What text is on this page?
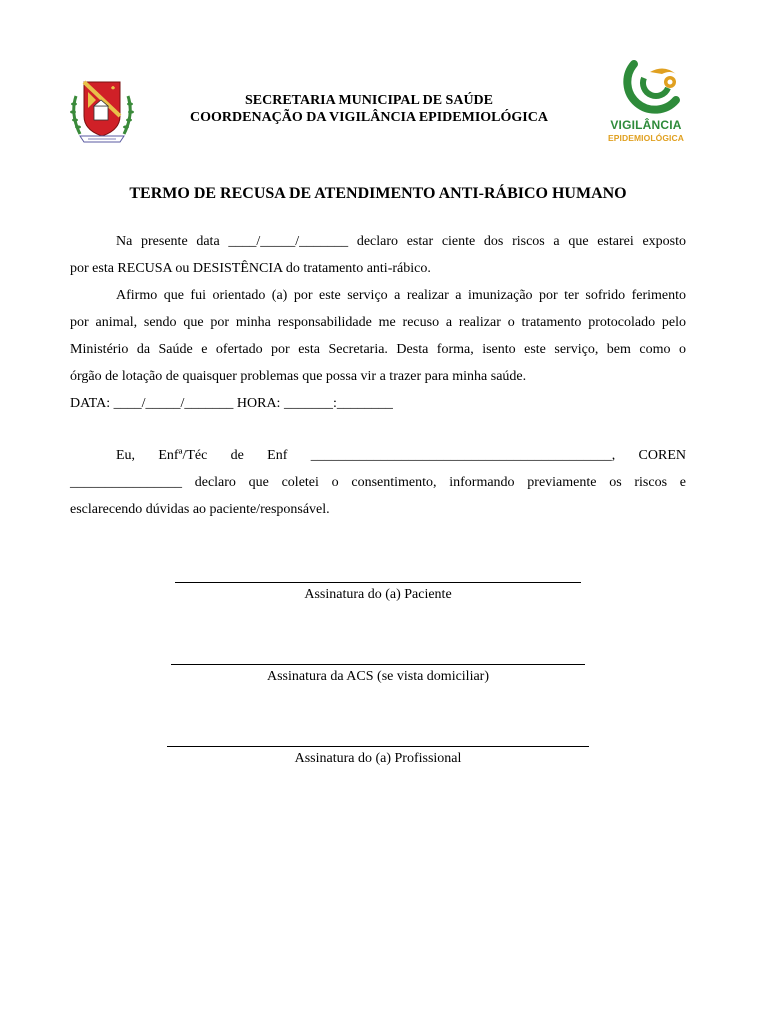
VIGILÂNCIA
EPIDEMIOLÓGICA
SECRETARIA MUNICIPAL DE SAÚDE
COORDENAÇÃO DA VIGILÂNCIA EPIDEMIOLÓGICA
TERMO DE RECUSA DE ATENDIMENTO ANTI-RÁBICO HUMANO
Na presente data ____/_____/_______ declaro estar ciente dos riscos a que estarei exposto
por esta RECUSA ou DESISTÊNCIA do tratamento anti-rábico.
Afirmo que fui orientado (a) por este serviço a realizar a imunização por ter sofrido ferimento
por animal, sendo que por minha responsabilidade me recuso a realizar o tratamento protocolado pelo
Ministério da Saúde e ofertado por esta Secretaria. Desta forma, isento este serviço, bem como o
órgão de lotação de quaisquer problemas que possa vir a trazer para minha saúde.
DATA: ____/_____/_______ HORA: _______:________
Eu, Enfª/Téc de Enf ___________________________________________, COREN
________________ declaro que coletei o consentimento, informando previamente os riscos e
esclarecendo dúvidas ao paciente/responsável.
Assinatura do (a) Paciente
Assinatura da ACS (se vista domiciliar)
Assinatura do (a) Profissional
